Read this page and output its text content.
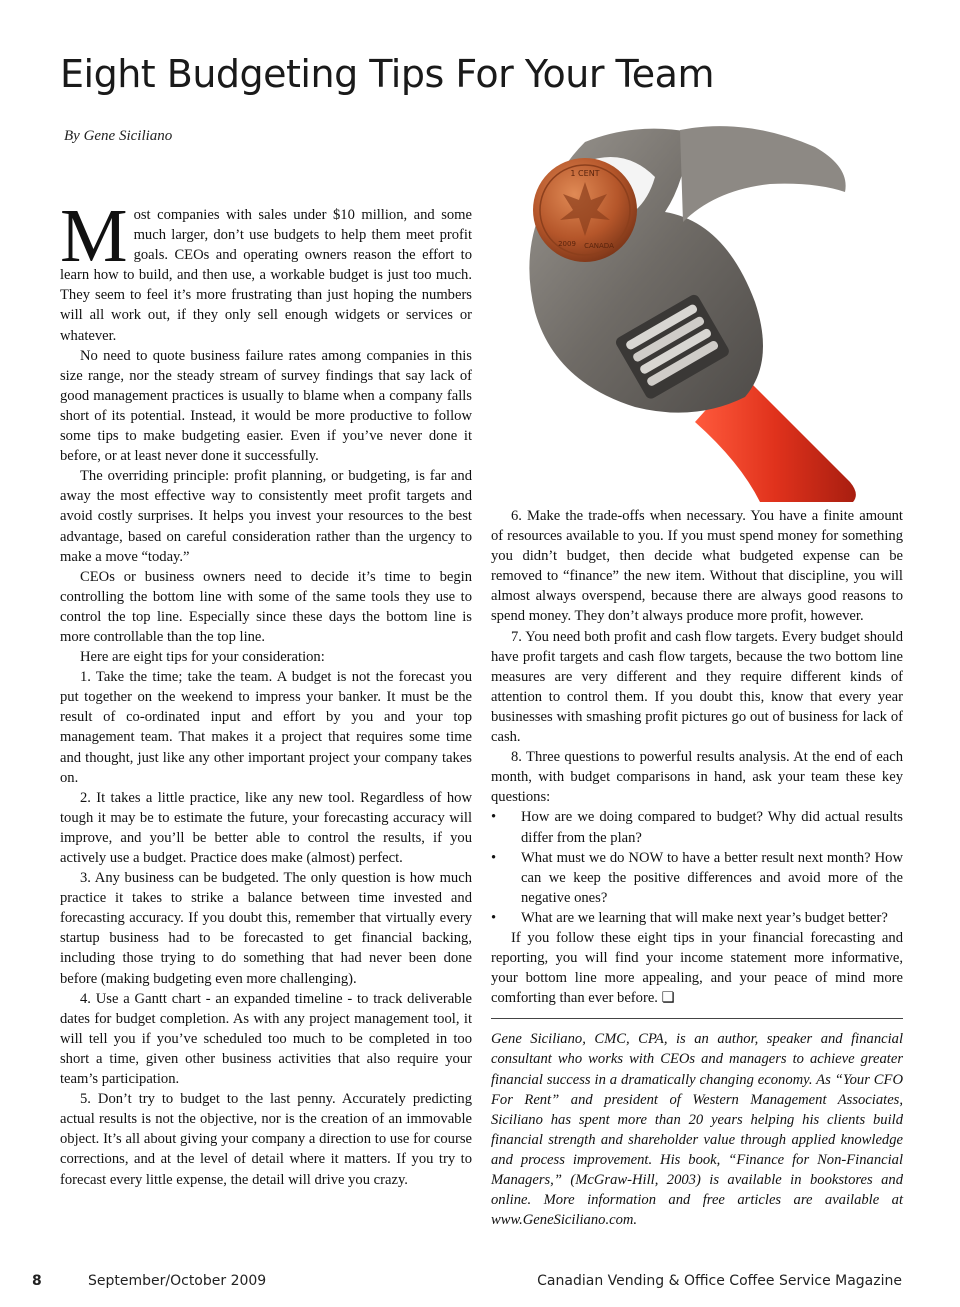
Eight Budgeting Tips For Your Team
By Gene Siciliano
1 CENT
2009 CANADA

Most companies with sales under $10 million, and some much larger, don’t use budgets to help them meet profit goals. CEOs and operating owners reason the effort to learn how to build, and then use, a workable budget is just too much. They seem to feel it’s more frustrating than just hoping the numbers will all work out, if they only sell enough widgets or services or whatever.

No need to quote business failure rates among companies in this size range, nor the steady stream of survey findings that say lack of good management practices is usually to blame when a company falls short of its potential. Instead, it would be more productive to follow some tips to make budgeting easier. Even if you’ve never done it before, or at least never done it successfully.

The overriding principle: profit planning, or budgeting, is far and away the most effective way to consistently meet profit targets and avoid costly surprises. It helps you invest your resources to the best advantage, based on careful consideration rather than the urgency to make a move “today.”

CEOs or business owners need to decide it’s time to begin controlling the bottom line with some of the same tools they use to control the top line. Especially since these days the bottom line is more controllable than the top line.

Here are eight tips for your consideration:

1. Take the time; take the team. A budget is not the forecast you put together on the weekend to impress your banker. It must be the result of co-ordinated input and effort by you and your top management team. That makes it a project that requires some time and thought, just like any other important project your company takes on.

2. It takes a little practice, like any new tool. Regardless of how tough it may be to estimate the future, your forecasting accuracy will improve, and you’ll be better able to control the results, if you actively use a budget. Practice does make (almost) perfect.

3. Any business can be budgeted. The only question is how much practice it takes to strike a balance between time invested and forecasting accuracy. If you doubt this, remember that virtually every startup business had to be forecasted to get financial backing, including those trying to do something that had never been done before (making budgeting even more challenging).

4. Use a Gantt chart - an expanded timeline - to track deliverable dates for budget completion. As with any project management tool, it will tell you if you’ve scheduled too much to be completed in too short a time, given other business activities that also require your team’s participation.

5. Don’t try to budget to the last penny. Accurately predicting actual results is not the objective, nor is the creation of an immovable object. It’s all about giving your company a direction to use for course corrections, and at the level of detail where it matters. If you try to forecast every little expense, the detail will drive you crazy.

6. Make the trade-offs when necessary. You have a finite amount of resources available to you. If you must spend money for something you didn’t budget, then decide what budgeted expense can be removed to “finance” the new item. Without that discipline, you will almost always overspend, because there are always good reasons to spend money. They don’t always produce more profit, however.

7. You need both profit and cash flow targets. Every budget should have profit targets and cash flow targets, because the two bottom line measures are very different and they require different kinds of attention to control them. If you doubt this, know that every year businesses with smashing profit pictures go out of business for lack of cash.

8. Three questions to powerful results analysis. At the end of each month, with budget comparisons in hand, ask your team these key questions:

• How are we doing compared to budget? Why did actual results differ from the plan?
• What must we do NOW to have a better result next month? How can we keep the positive differences and avoid more of the negative ones?
• What are we learning that will make next year’s budget better?

If you follow these eight tips in your financial forecasting and reporting, you will find your income statement more informative, your bottom line more appealing, and your peace of mind more comforting than ever before. ❏

Gene Siciliano, CMC, CPA, is an author, speaker and financial consultant who works with CEOs and managers to achieve greater financial success in a dramatically changing economy. As “Your CFO For Rent” and president of Western Management Associates, Siciliano has spent more than 20 years helping his clients build financial strength and shareholder value through applied knowledge and process improvement. His book, “Finance for Non-Financial Managers,” (McGraw-Hill, 2003) is available in bookstores and online. More information and free articles are available at www.GeneSiciliano.com.

8	September/October 2009	Canadian Vending & Office Coffee Service Magazine
